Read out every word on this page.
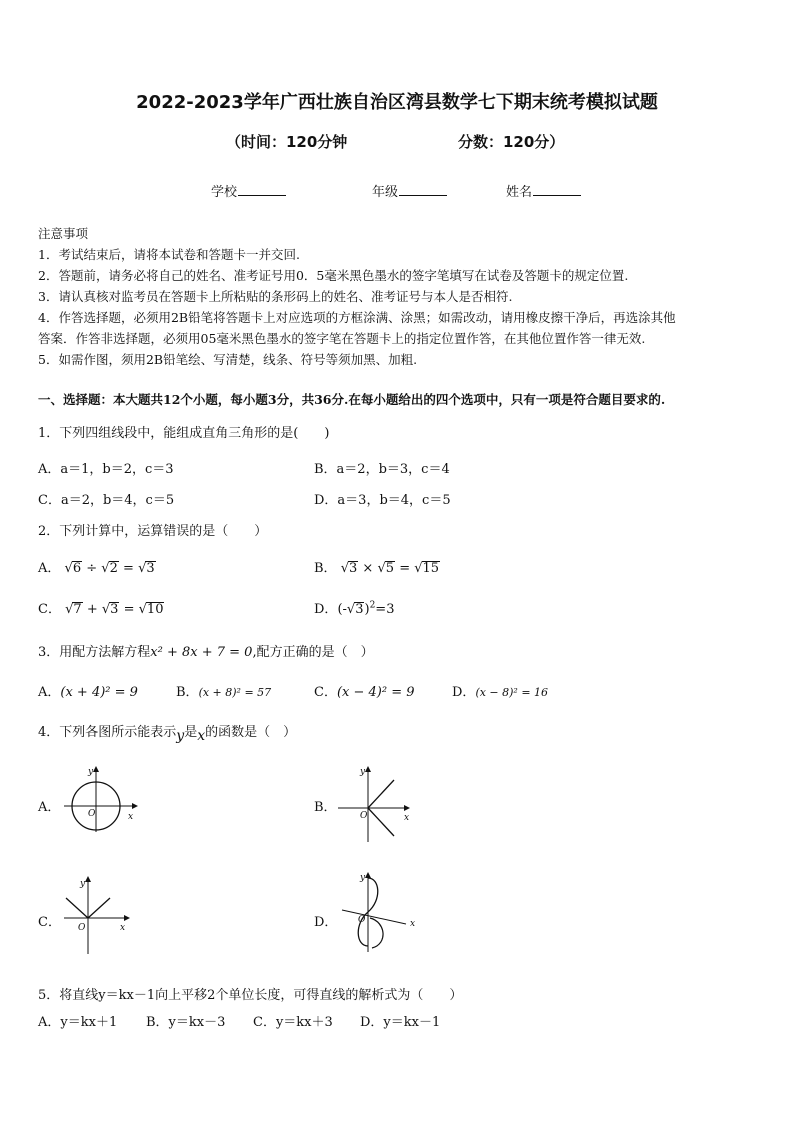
2022-2023学年广西壮族自治区湾县数学七下期末统考模拟试题
（时间：120分钟	分数：120分）
学校	年级	姓名
注意事项
1．考试结束后，请将本试卷和答题卡一并交回.
2．答题前，请务必将自己的姓名、准考证号用0．5毫米黑色墨水的签字笔填写在试卷及答题卡的规定位置.
3．请认真核对监考员在答题卡上所粘贴的条形码上的姓名、准考证号与本人是否相符.
4．作答选择题，必须用2B铅笔将答题卡上对应选项的方框涂满、涂黑；如需改动，请用橡皮擦干净后，再选涂其他
答案．作答非选择题，必须用05毫米黑色墨水的签字笔在答题卡上的指定位置作答，在其他位置作答一律无效.
5．如需作图，须用2B铅笔绘、写清楚，线条、符号等须加黑、加粗.
一、选择题：本大题共12个小题，每小题3分，共36分.在每小题给出的四个选项中，只有一项是符合题目要求的.
1．下列四组线段中，能组成直角三角形的是(　　)
A．a＝1，b＝2，c＝3	B．a＝2，b＝3，c＝4
C．a＝2，b＝4，c＝5	D．a＝3，b＝4，c＝5
2．下列计算中，运算错误的是（　　）
A． √6 ÷ √2 = √3	B． √3 × √5 = √15
C． √7 + √3 = √10	D．$(-√3)^2=3$
3．用配方法解方程x² + 8x + 7 = 0,配方正确的是（　）
A．(x + 4)² = 9	B．(x + 8)² = 57	C．(x − 4)² = 9	D．(x − 8)² = 16
4．下列各图所示能表示y是x的函数是（　）
A．
y
x
O	B．
y
x
O
C．
y
x
O	D．
y
x
O
5．将直线y＝kx－1向上平移2个单位长度，可得直线的解析式为（　　）
A．y＝kx＋1 B．y＝kx－3 C．y＝kx＋3 D．y＝kx－1
